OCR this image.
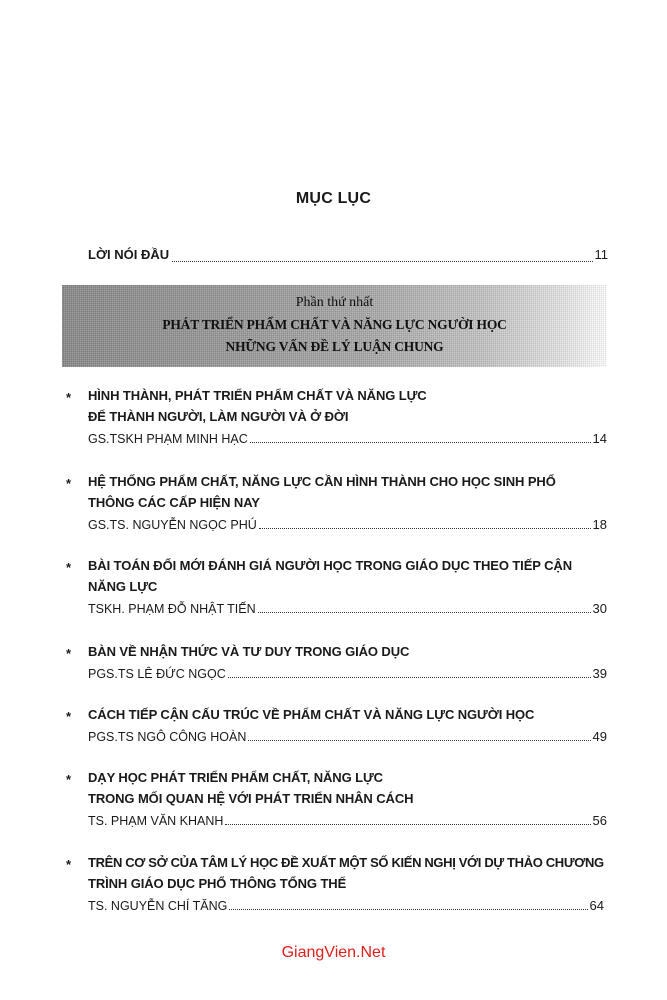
MỤC LỤC
LỜI NÓI ĐẦU	11
Phần thứ nhất
PHÁT TRIỂN PHẨM CHẤT VÀ NĂNG LỰC NGƯỜI HỌC
NHỮNG VẤN ĐỀ LÝ LUẬN CHUNG
* HÌNH THÀNH, PHÁT TRIỂN PHẨM CHẤT VÀ NĂNG LỰC
ĐỂ THÀNH NGƯỜI, LÀM NGƯỜI VÀ Ở ĐỜI
GS.TSKH PHẠM MINH HẠC	14
* HỆ THỐNG PHẨM CHẤT, NĂNG LỰC CẦN HÌNH THÀNH CHO HỌC SINH PHỔ
THÔNG CÁC CẤP HIỆN NAY
GS.TS. NGUYỄN NGỌC PHÚ	18
* BÀI TOÁN ĐỔI MỚI ĐÁNH GIÁ NGƯỜI HỌC TRONG GIÁO DỤC THEO TIẾP CẬN
NĂNG LỰC
TSKH. PHẠM ĐỖ NHẬT TIẾN	30
* BÀN VỀ NHẬN THỨC VÀ TƯ DUY TRONG GIÁO DỤC
PGS.TS LÊ ĐỨC NGỌC	39
* CÁCH TIẾP CẬN CẤU TRÚC VỀ PHẨM CHẤT VÀ NĂNG LỰC NGƯỜI HỌC
PGS.TS NGÔ CÔNG HOÀN	49
* DẠY HỌC PHÁT TRIỂN PHẨM CHẤT, NĂNG LỰC
TRONG MỐI QUAN HỆ VỚI PHÁT TRIỂN NHÂN CÁCH
TS. PHẠM VĂN KHANH	56
* TRÊN CƠ SỞ CỦA TÂM LÝ HỌC ĐỀ XUẤT MỘT SỐ KIẾN NGHỊ VỚI DỰ THẢO CHƯƠNG
TRÌNH GIÁO DỤC PHỔ THÔNG TỔNG THỂ
TS. NGUYỄN CHÍ TĂNG	64
GiangVien.Net
